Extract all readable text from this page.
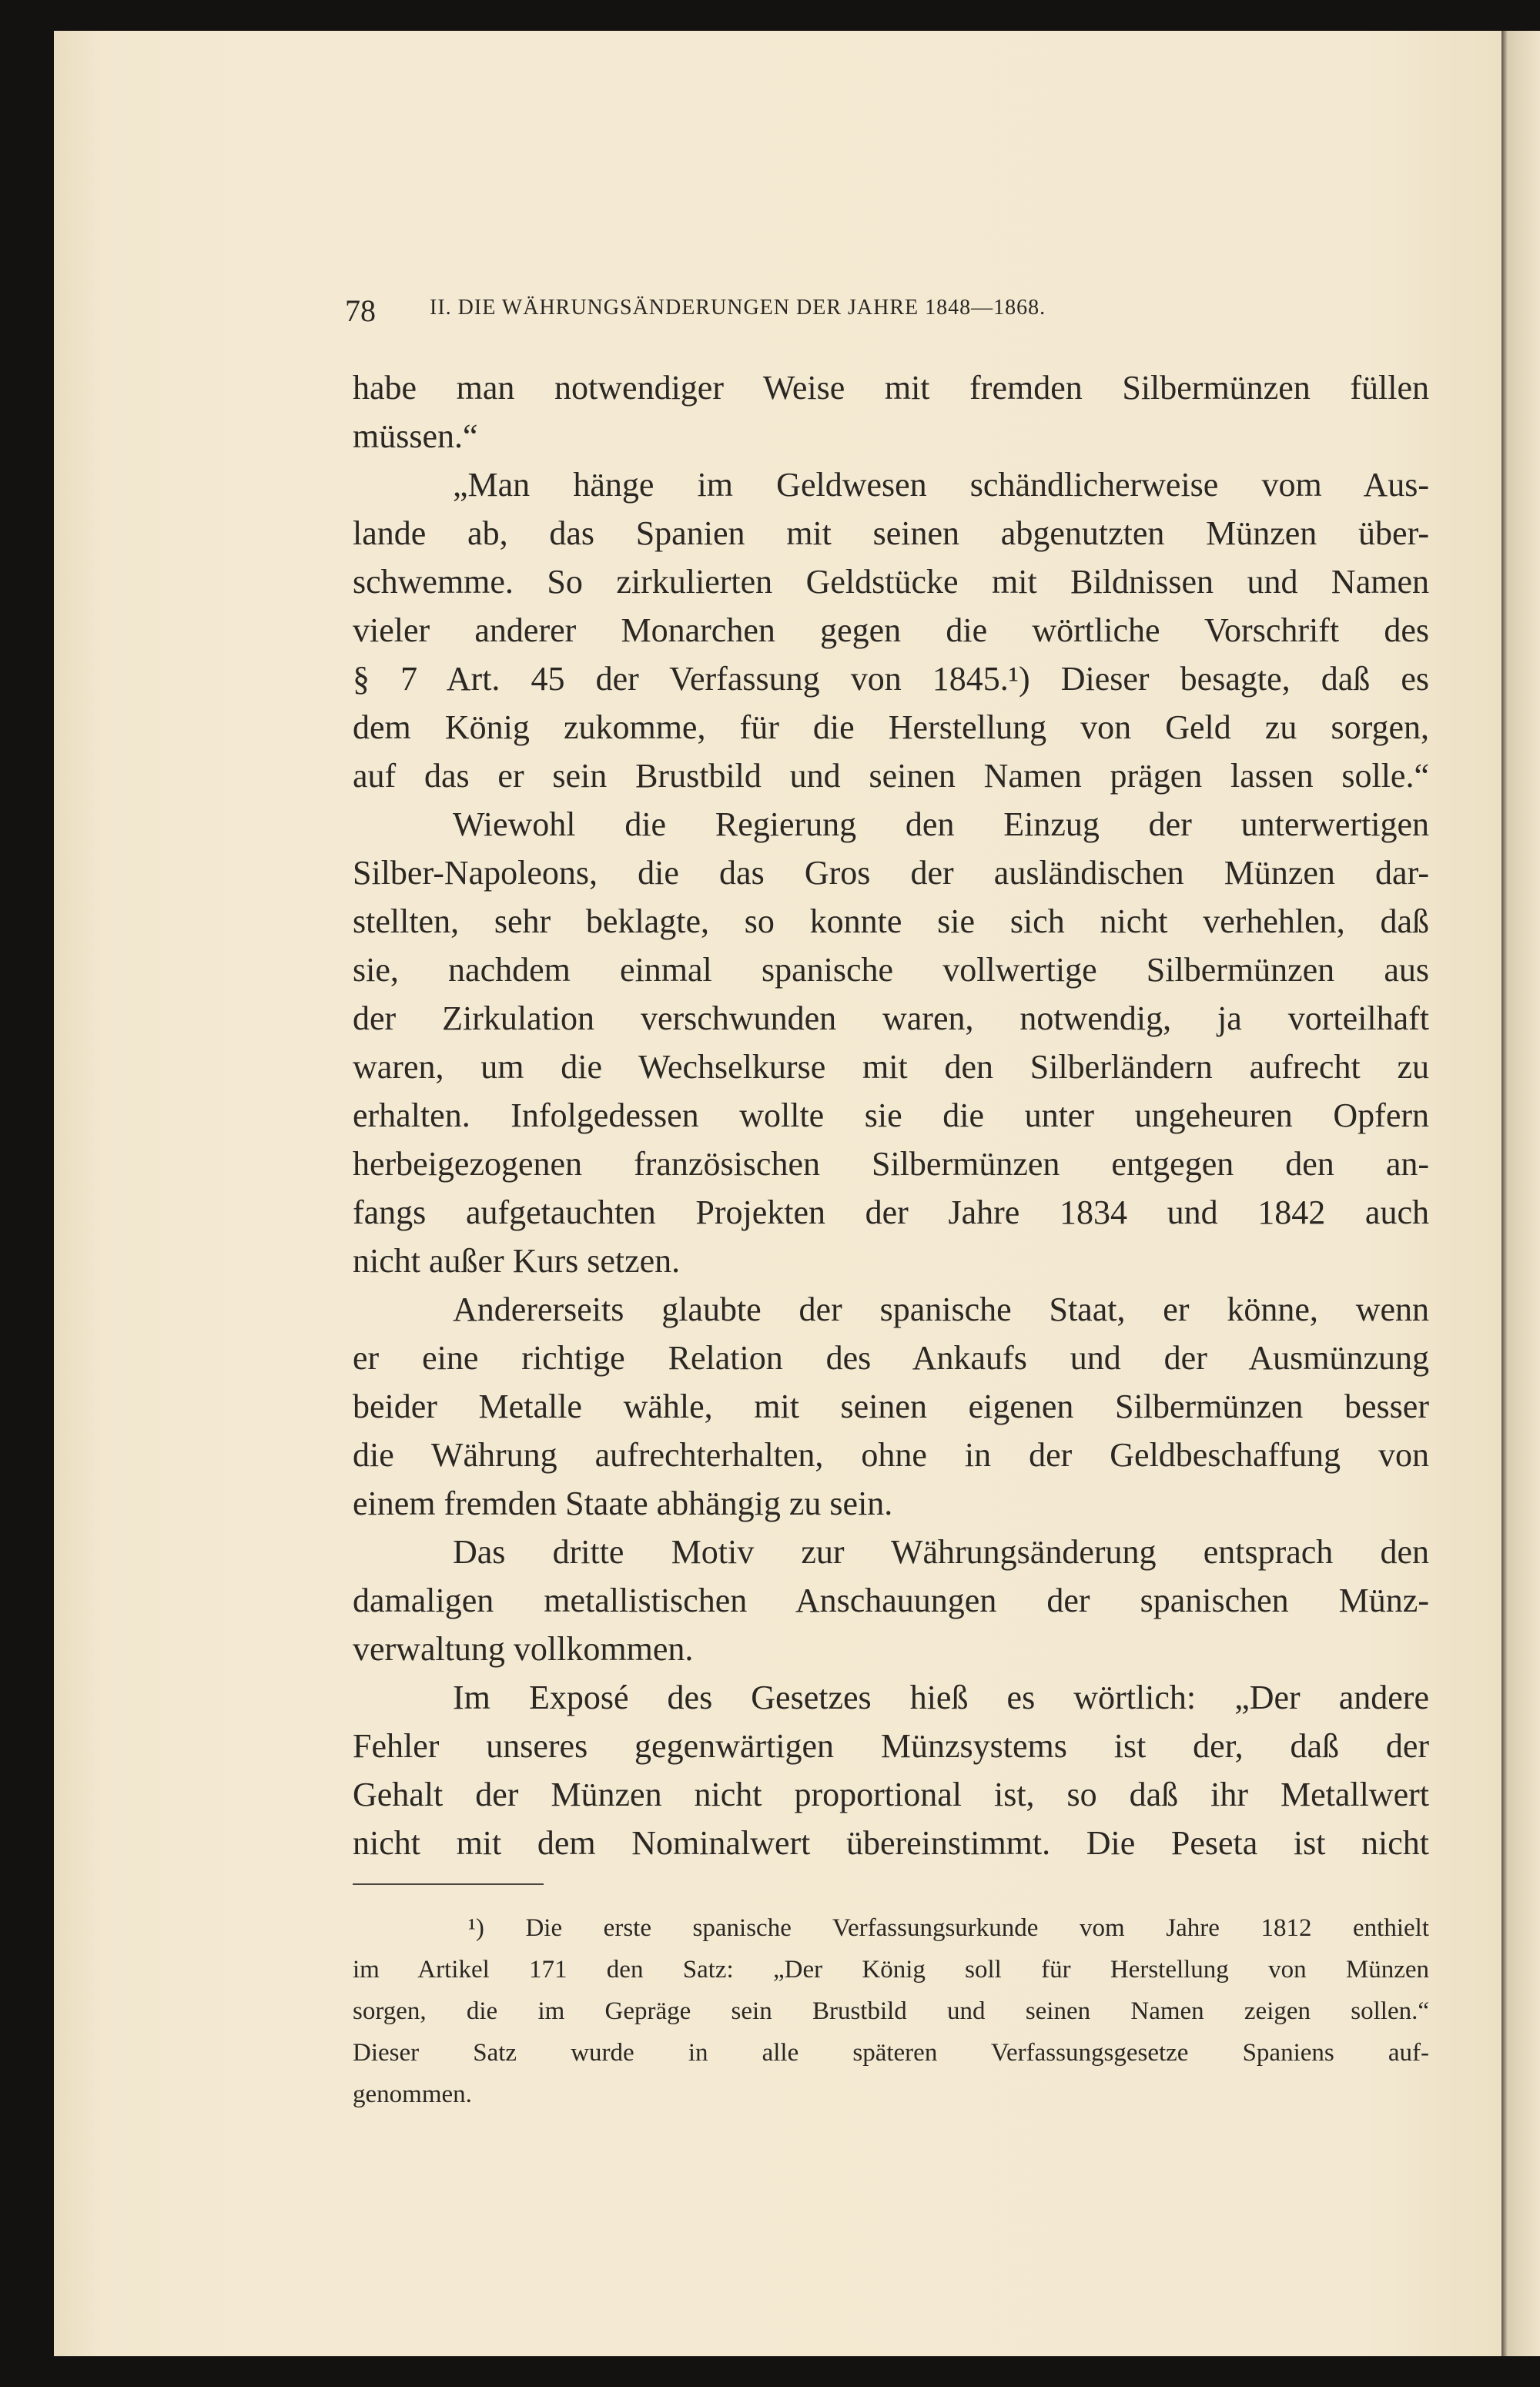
78	II. DIE WÄHRUNGSÄNDERUNGEN DER JAHRE 1848—1868.
habe man notwendiger Weise mit fremden Silbermünzen füllen
müssen.“
„Man hänge im Geldwesen schändlicherweise vom Aus-
lande ab, das Spanien mit seinen abgenutzten Münzen über-
schwemme. So zirkulierten Geldstücke mit Bildnissen und Namen
vieler anderer Monarchen gegen die wörtliche Vorschrift des
§ 7 Art. 45 der Verfassung von 1845.¹) Dieser besagte, daß es
dem König zukomme, für die Herstellung von Geld zu sorgen,
auf das er sein Brustbild und seinen Namen prägen lassen solle.“
Wiewohl die Regierung den Einzug der unterwertigen
Silber-Napoleons, die das Gros der ausländischen Münzen dar-
stellten, sehr beklagte, so konnte sie sich nicht verhehlen, daß
sie, nachdem einmal spanische vollwertige Silbermünzen aus
der Zirkulation verschwunden waren, notwendig, ja vorteilhaft
waren, um die Wechselkurse mit den Silberländern aufrecht zu
erhalten. Infolgedessen wollte sie die unter ungeheuren Opfern
herbeigezogenen französischen Silbermünzen entgegen den an-
fangs aufgetauchten Projekten der Jahre 1834 und 1842 auch
nicht außer Kurs setzen.
Andererseits glaubte der spanische Staat, er könne, wenn
er eine richtige Relation des Ankaufs und der Ausmünzung
beider Metalle wähle, mit seinen eigenen Silbermünzen besser
die Währung aufrechterhalten, ohne in der Geldbeschaffung von
einem fremden Staate abhängig zu sein.
Das dritte Motiv zur Währungsänderung entsprach den
damaligen metallistischen Anschauungen der spanischen Münz-
verwaltung vollkommen.
Im Exposé des Gesetzes hieß es wörtlich: „Der andere
Fehler unseres gegenwärtigen Münzsystems ist der, daß der
Gehalt der Münzen nicht proportional ist, so daß ihr Metallwert
nicht mit dem Nominalwert übereinstimmt. Die Peseta ist nicht
¹) Die erste spanische Verfassungsurkunde vom Jahre 1812 enthielt
im Artikel 171 den Satz: „Der König soll für Herstellung von Münzen
sorgen, die im Gepräge sein Brustbild und seinen Namen zeigen sollen.“
Dieser Satz wurde in alle späteren Verfassungsgesetze Spaniens auf-
genommen.
